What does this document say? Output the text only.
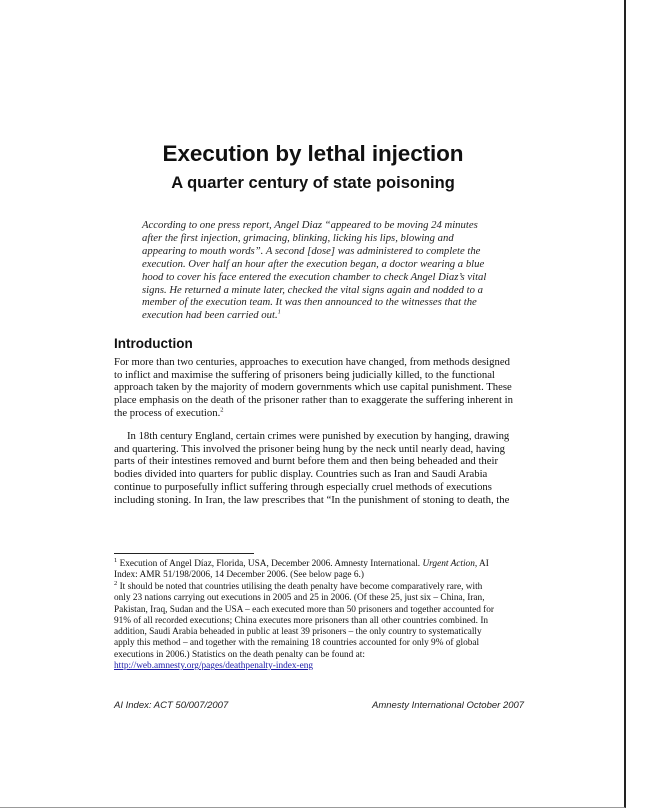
Execution by lethal injection
A quarter century of state poisoning
According to one press report, Angel Diaz “appeared to be moving 24 minutes
after the first injection, grimacing, blinking, licking his lips, blowing and
appearing to mouth words”. A second [dose] was administered to complete the
execution. Over half an hour after the execution began, a doctor wearing a blue
hood to cover his face entered the execution chamber to check Angel Diaz’s vital
signs. He returned a minute later, checked the vital signs again and nodded to a
member of the execution team. It was then announced to the witnesses that the
execution had been carried out.$^1$
Introduction
For more than two centuries, approaches to execution have changed, from methods designed
to inflict and maximise the suffering of prisoners being judicially killed, to the functional
approach taken by the majority of modern governments which use capital punishment. These
place emphasis on the death of the prisoner rather than to exaggerate the suffering inherent in
the process of execution.$^2$
In 18th century England, certain crimes were punished by execution by hanging, drawing
and quartering. This involved the prisoner being hung by the neck until nearly dead, having
parts of their intestines removed and burnt before them and then being beheaded and their
bodies divided into quarters for public display. Countries such as Iran and Saudi Arabia
continue to purposefully inflict suffering through especially cruel methods of executions
including stoning. In Iran, the law prescribes that “In the punishment of stoning to death, the
$^1$ Execution of Angel Díaz, Florida, USA, December 2006. Amnesty International. Urgent Action, AI
Index: AMR 51/198/2006, 14 December 2006. (See below page 6.)
$^2$ It should be noted that countries utilising the death penalty have become comparatively rare, with
only 23 nations carrying out executions in 2005 and 25 in 2006. (Of these 25, just six – China, Iran,
Pakistan, Iraq, Sudan and the USA – each executed more than 50 prisoners and together accounted for
91% of all recorded executions; China executes more prisoners than all other countries combined. In
addition, Saudi Arabia beheaded in public at least 39 prisoners – the only country to systematically
apply this method – and together with the remaining 18 countries accounted for only 9% of global
executions in 2006.) Statistics on the death penalty can be found at:
http://web.amnesty.org/pages/deathpenalty-index-eng
AI Index: ACT 50/007/2007	Amnesty International October 2007
